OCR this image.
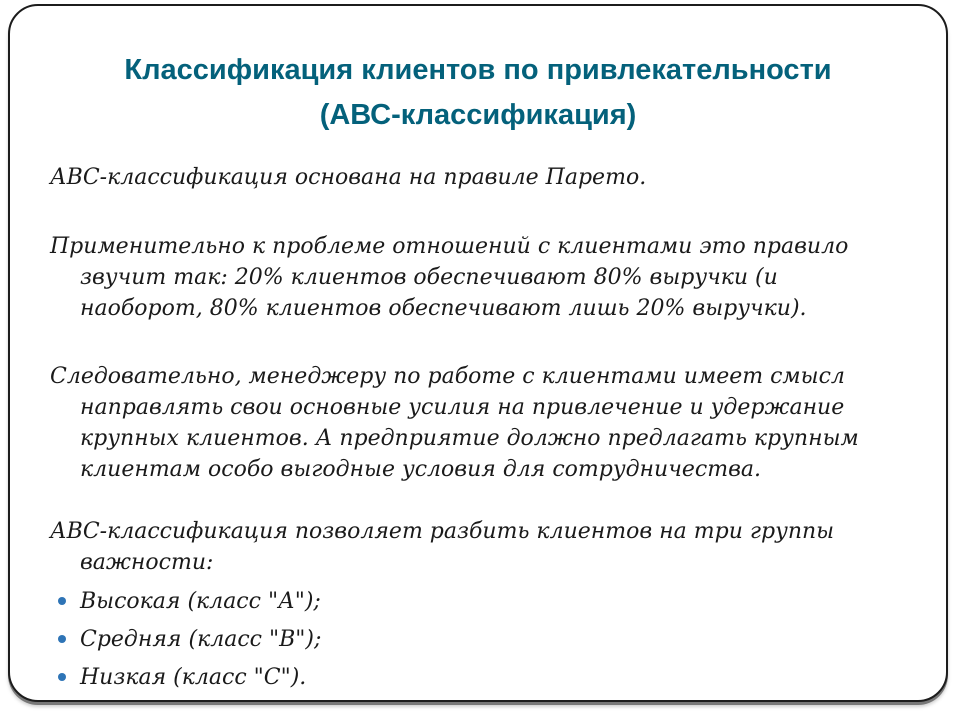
Классификация клиентов по привлекательности
(АВС-классификация)

АВС-классификация основана на правиле Парето.

Применительно к проблеме отношений с клиентами это правило звучит так: 20% клиентов обеспечивают 80% выручки (и наоборот, 80% клиентов обеспечивают лишь 20% выручки).

Следовательно, менеджеру по работе с клиентами имеет смысл направлять свои основные усилия на привлечение и удержание крупных клиентов. А предприятие должно предлагать крупным клиентам особо выгодные условия для сотрудничества.

АВС-классификация позволяет разбить клиентов на три группы важности:

Высокая (класс "А");
Средняя (класс "В");
Низкая (класс "С").
